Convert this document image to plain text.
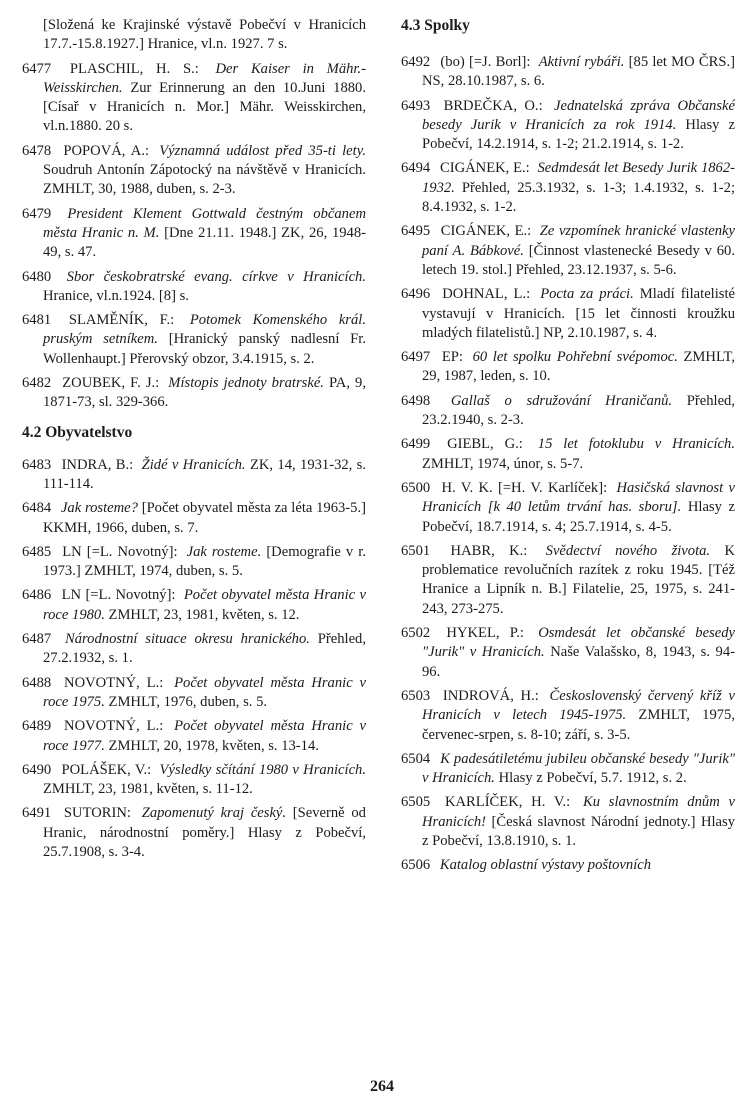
[Složená ke Krajinské výstavě Pobečví v Hranicích 17.7.-15.8.1927.] Hranice, vl.n. 1927. 7 s.

6477 PLASCHIL, H. S.: Der Kaiser in Mähr.-Weisskirchen. Zur Erinnerung an den 10.Juni 1880. [Císař v Hranicích n. Mor.] Mähr. Weisskirchen, vl.n.1880. 20 s.

6478 POPOVÁ, A.: Významná událost před 35-ti lety. Soudruh Antonín Zápotocký na návštěvě v Hranicích. ZMHLT, 30, 1988, duben, s. 2-3.

6479 President Klement Gottwald čestným občanem města Hranic n. M. [Dne 21.11. 1948.] ZK, 26, 1948-49, s. 47.

6480 Sbor českobratrské evang. církve v Hranicích. Hranice, vl.n.1924. [8] s.

6481 SLAMĚNÍK, F.: Potomek Komenského král. pruským setníkem. [Hranický panský nadlesní Fr. Wollenhaupt.] Přerovský obzor, 3.4.1915, s. 2.

6482 ZOUBEK, F. J.: Místopis jednoty bratrské. PA, 9, 1871-73, sl. 329-366.

4.2 Obyvatelstvo

6483 INDRA, B.: Židé v Hranicích. ZK, 14, 1931-32, s. 111-114.

6484 Jak rosteme? [Počet obyvatel města za léta 1963-5.] KKMH, 1966, duben, s. 7.

6485 LN [=L. Novotný]: Jak rosteme. [Demografie v r. 1973.] ZMHLT, 1974, duben, s. 5.

6486 LN [=L. Novotný]: Počet obyvatel města Hranic v roce 1980. ZMHLT, 23, 1981, květen, s. 12.

6487 Národnostní situace okresu hranického. Přehled, 27.2.1932, s. 1.

6488 NOVOTNÝ, L.: Počet obyvatel města Hranic v roce 1975. ZMHLT, 1976, duben, s. 5.

6489 NOVOTNÝ, L.: Počet obyvatel města Hranic v roce 1977. ZMHLT, 20, 1978, květen, s. 13-14.

6490 POLÁŠEK, V.: Výsledky sčítání 1980 v Hranicích. ZMHLT, 23, 1981, květen, s. 11-12.

6491 SUTORIN: Zapomenutý kraj český. [Severně od Hranic, národnostní poměry.] Hlasy z Pobečví, 25.7.1908, s. 3-4.

4.3 Spolky

6492 (bo) [=J. Borl]: Aktivní rybáři. [85 let MO ČRS.] NS, 28.10.1987, s. 6.

6493 BRDEČKA, O.: Jednatelská zpráva Občanské besedy Jurik v Hranicích za rok 1914. Hlasy z Pobečví, 14.2.1914, s. 1-2; 21.2.1914, s. 1-2.

6494 CIGÁNEK, E.: Sedmdesát let Besedy Jurik 1862-1932. Přehled, 25.3.1932, s. 1-3; 1.4.1932, s. 1-2; 8.4.1932, s. 1-2.

6495 CIGÁNEK, E.: Ze vzpomínek hranické vlastenky paní A. Bábkové. [Činnost vlastenecké Besedy v 60. letech 19. stol.] Přehled, 23.12.1937, s. 5-6.

6496 DOHNAL, L.: Pocta za práci. Mladí filatelisté vystavují v Hranicích. [15 let činnosti kroužku mladých filatelistů.] NP, 2.10.1987, s. 4.

6497 EP: 60 let spolku Pohřební svépomoc. ZMHLT, 29, 1987, leden, s. 10.

6498 Gallaš o sdružování Hraničanů. Přehled, 23.2.1940, s. 2-3.

6499 GIEBL, G.: 15 let fotoklubu v Hranicích. ZMHLT, 1974, únor, s. 5-7.

6500 H. V. K. [=H. V. Karlíček]: Hasičská slavnost v Hranicích [k 40 letům trvání has. sboru]. Hlasy z Pobečví, 18.7.1914, s. 4; 25.7.1914, s. 4-5.

6501 HABR, K.: Svědectví nového života. K problematice revolučních razítek z roku 1945. [Též Hranice a Lipník n. B.] Filatelie, 25, 1975, s. 241-243, 273-275.

6502 HYKEL, P.: Osmdesát let občanské besedy "Jurik" v Hranicích. Naše Valašsko, 8, 1943, s. 94-96.

6503 INDROVÁ, H.: Československý červený kříž v Hranicích v letech 1945-1975. ZMHLT, 1975, červenec-srpen, s. 8-10; září, s. 3-5.

6504 K padesátiletému jubileu občanské besedy "Jurik" v Hranicích. Hlasy z Pobečví, 5.7. 1912, s. 2.

6505 KARLÍČEK, H. V.: Ku slavnostním dnům v Hranicích! [Česká slavnost Národní jednoty.] Hlasy z Pobečví, 13.8.1910, s. 1.

6506 Katalog oblastní výstavy poštovních

264
